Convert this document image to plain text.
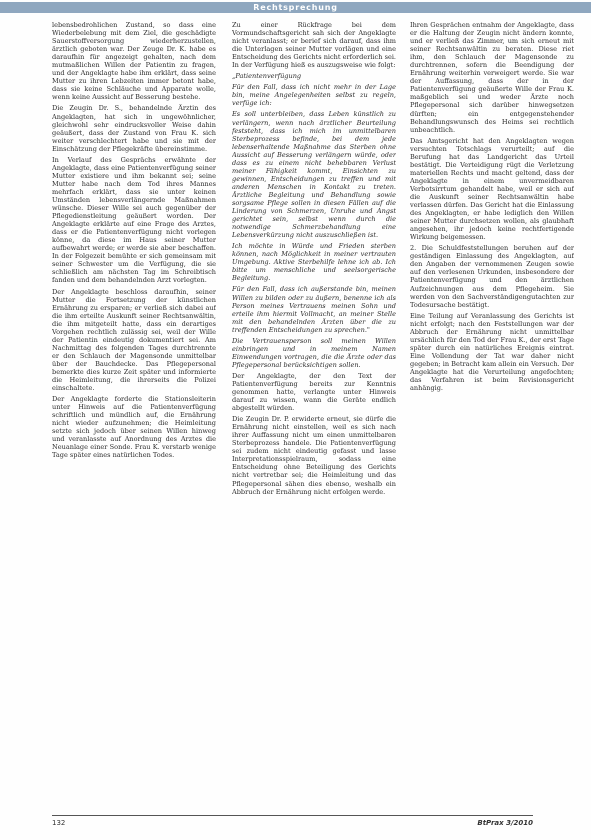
Rechtsprechung

lebensbedrohlichen Zustand, so dass eine Wiederbelebung mit dem Ziel, die geschädigte Sauerstoffversorgung wiederherzustellen, ärztlich geboten war. Der Zeuge Dr. K. habe es daraufhin für angezeigt gehalten, nach dem mutmaßlichen Willen der Patientin zu fragen, und der Angeklagte habe ihm erklärt, dass seine Mutter zu ihren Lebzeiten immer betont habe, dass sie keine Schläuche und Apparate wolle, wenn keine Aussicht auf Besserung bestehe.

Die Zeugin Dr. S., behandelnde Ärztin des Angeklagten, hat sich in ungewöhnlicher, gleichwohl sehr eindrucksvoller Weise dahin geäußert, dass der Zustand von Frau K. sich weiter verschlechtert habe und sie mit der Einschätzung der Pflegekräfte übereinstimme.

In Verlauf des Gesprächs erwähnte der Angeklagte, dass eine Patientenverfügung seiner Mutter existiere und ihm bekannt sei; seine Mutter habe nach dem Tod ihres Mannes mehrfach erklärt, dass sie unter keinen Umständen lebensverlängernde Maßnahmen wünsche. Dieser Wille sei auch gegenüber der Pflegedienstleitung geäußert worden. Der Angeklagte erklärte auf eine Frage des Arztes, dass er die Patientenverfügung nicht vorlegen könne, da diese im Haus seiner Mutter aufbewahrt werde; er werde sie aber beschaffen. In der Folgezeit bemühte er sich gemeinsam mit seiner Schwester um die Verfügung, die sie schließlich am nächsten Tag im Schreibtisch fanden und dem behandelnden Arzt vorlegten.

Der Angeklagte beschloss daraufhin, seiner Mutter die Fortsetzung der künstlichen Ernährung zu ersparen; er verließ sich dabei auf die ihm erteilte Auskunft seiner Rechtsanwältin, die ihm mitgeteilt hatte, dass ein derartiges Vorgehen rechtlich zulässig sei, weil der Wille der Patientin eindeutig dokumentiert sei. Am Nachmittag des folgenden Tages durchtrennte er den Schlauch der Magensonde unmittelbar über der Bauchdecke. Das Pflegepersonal bemerkte dies kurze Zeit später und informierte die Heimleitung, die ihrerseits die Polizei einschaltete.

Der Angeklagte forderte die Stationsleiterin unter Hinweis auf die Patientenverfügung schriftlich und mündlich auf, die Ernährung nicht wieder aufzunehmen; die Heimleitung setzte sich jedoch über seinen Willen hinweg und veranlasste auf Anordnung des Arztes die Neuanlage einer Sonde. Frau K. verstarb wenige Tage später eines natürlichen Todes.

Zu einer Rückfrage bei dem Vormundschaftsgericht sah sich der Angeklagte nicht veranlasst; er berief sich darauf, dass ihm die Unterlagen seiner Mutter vorlägen und eine Entscheidung des Gerichts nicht erforderlich sei. In der Verfügung hieß es auszugsweise wie folgt:

„Patientenverfügung

Für den Fall, dass ich nicht mehr in der Lage bin, meine Angelegenheiten selbst zu regeln, verfüge ich:

Es soll unterbleiben, dass Leben künstlich zu verlängern, wenn nach ärztlicher Beurteilung feststeht, dass ich mich im unmittelbaren Sterbeprozess befinde, bei dem jede lebenserhaltende Maßnahme das Sterben ohne Aussicht auf Besserung verlängern würde, oder dass es zu einem nicht behebbaren Verlust meiner Fähigkeit kommt, Einsichten zu gewinnen, Entscheidungen zu treffen und mit anderen Menschen in Kontakt zu treten. Ärztliche Begleitung und Behandlung sowie sorgsame Pflege sollen in diesen Fällen auf die Linderung von Schmerzen, Unruhe und Angst gerichtet sein, selbst wenn durch die notwendige Schmerzbehandlung eine Lebensverkürzung nicht auszuschließen ist.

Ich möchte in Würde und Frieden sterben können, nach Möglichkeit in meiner vertrauten Umgebung. Aktive Sterbehilfe lehne ich ab. Ich bitte um menschliche und seelsorgerische Begleitung.

Für den Fall, dass ich außerstande bin, meinen Willen zu bilden oder zu äußern, benenne ich als Person meines Vertrauens meinen Sohn und erteile ihm hiermit Vollmacht, an meiner Stelle mit den behandelnden Ärzten über die zu treffenden Entscheidungen zu sprechen."

Die Vertrauensperson soll meinen Willen einbringen und in meinem Namen Einwendungen vortragen, die die Ärzte oder das Pflegepersonal berücksichtigen sollen.

Der Angeklagte, der den Text der Patientenverfügung bereits zur Kenntnis genommen hatte, verlangte unter Hinweis darauf zu wissen, wann die Geräte endlich abgestellt würden.

Die Zeugin Dr. P. erwiderte erneut, sie dürfe die Ernährung nicht einstellen, weil es sich nach ihrer Auffassung nicht um einen unmittelbaren Sterbeprozess handele. Die Patientenverfügung sei zudem nicht eindeutig gefasst und lasse Interpretationsspielraum, sodass eine Entscheidung ohne Beteiligung des Gerichts nicht vertretbar sei; die Heimleitung und das Pflegepersonal sähen dies ebenso, weshalb ein Abbruch der Ernährung nicht erfolgen werde.

Ihren Gesprächen entnahm der Angeklagte, dass er die Haltung der Zeugin nicht ändern konnte, und er verließ das Zimmer, um sich erneut mit seiner Rechtsanwältin zu beraten. Diese riet ihm, den Schlauch der Magensonde zu durchtrennen, sofern die Beendigung der Ernährung weiterhin verweigert werde. Sie war der Auffassung, dass der in der Patientenverfügung geäußerte Wille der Frau K. maßgeblich sei und weder Ärzte noch Pflegepersonal sich darüber hinwegsetzen dürften; ein entgegenstehender Behandlungswunsch des Heims sei rechtlich unbeachtlich.

Das Amtsgericht hat den Angeklagten wegen versuchten Totschlags verurteilt; auf die Berufung hat das Landgericht das Urteil bestätigt. Die Verteidigung rügt die Verletzung materiellen Rechts und macht geltend, dass der Angeklagte in einem unvermeidbaren Verbotsirrtum gehandelt habe, weil er sich auf die Auskunft seiner Rechtsanwältin habe verlassen dürfen. Das Gericht hat die Einlassung des Angeklagten, er habe lediglich den Willen seiner Mutter durchsetzen wollen, als glaubhaft angesehen, ihr jedoch keine rechtfertigende Wirkung beigemessen.

2. Die Schuldfeststellungen beruhen auf der geständigen Einlassung des Angeklagten, auf den Angaben der vernommenen Zeugen sowie auf den verlesenen Urkunden, insbesondere der Patientenverfügung und den ärztlichen Aufzeichnungen aus dem Pflegeheim. Sie werden von den Sachverständigengutachten zur Todesursache bestätigt.

Eine Teilung auf Veranlassung des Gerichts ist nicht erfolgt; nach den Feststellungen war der Abbruch der Ernährung nicht unmittelbar ursächlich für den Tod der Frau K., der erst Tage später durch ein natürliches Ereignis eintrat. Eine Vollendung der Tat war daher nicht gegeben; in Betracht kam allein ein Versuch. Der Angeklagte hat die Verurteilung angefochten; das Verfahren ist beim Revisionsgericht anhängig.

132	BtPrax 3/2010
